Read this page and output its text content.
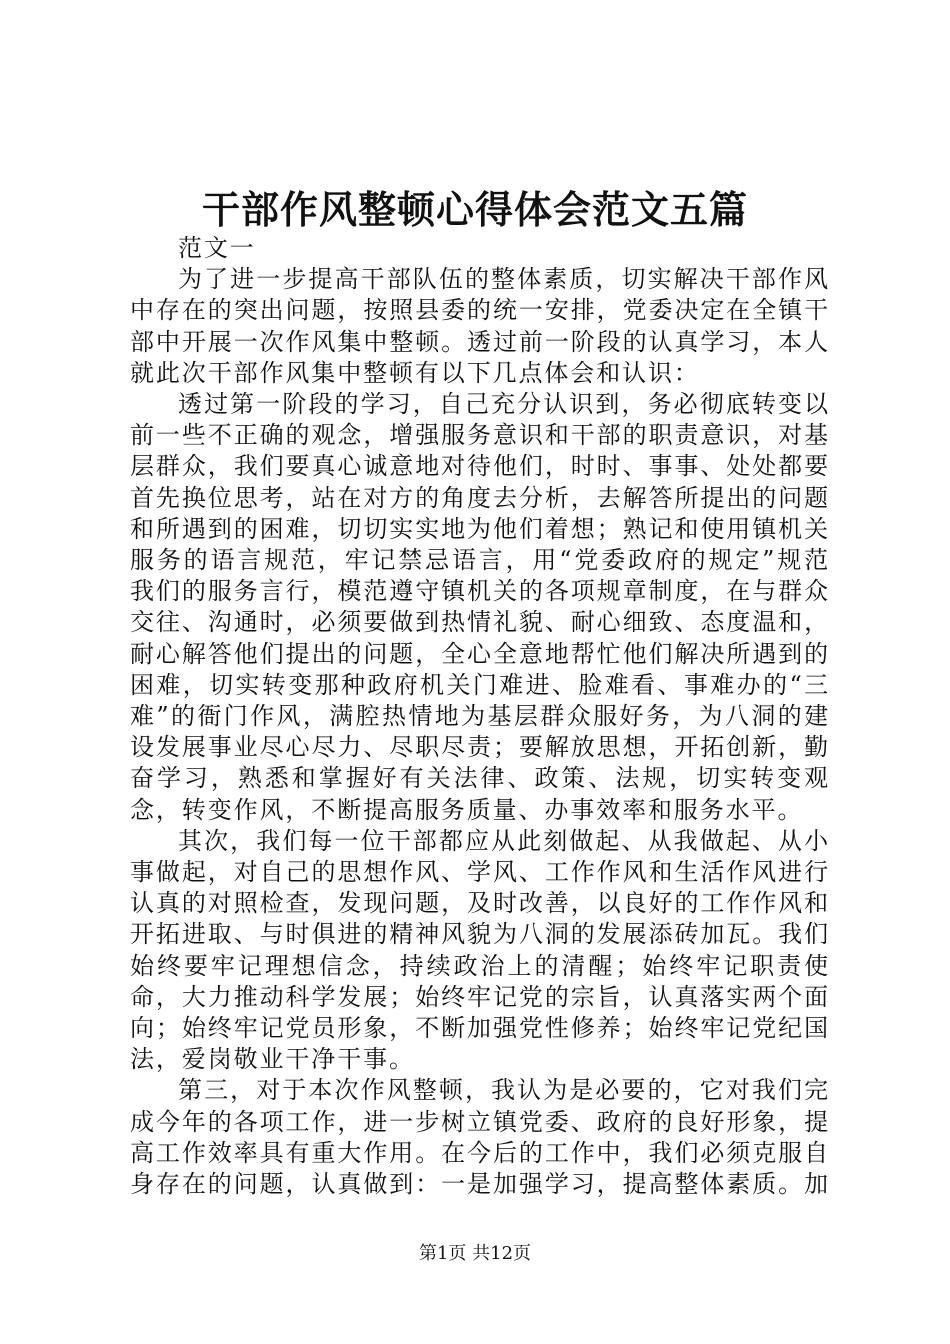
干部作风整顿心得体会范文五篇

范文一

为了进一步提高干部队伍的整体素质，切实解决干部作风中存在的突出问题，按照县委的统一安排，党委决定在全镇干部中开展一次作风集中整顿。透过前一阶段的认真学习，本人就此次干部作风集中整顿有以下几点体会和认识：

透过第一阶段的学习，自己充分认识到，务必彻底转变以前一些不正确的观念，增强服务意识和干部的职责意识，对基层群众，我们要真心诚意地对待他们，时时、事事、处处都要首先换位思考，站在对方的角度去分析，去解答所提出的问题和所遇到的困难，切切实实地为他们着想；熟记和使用镇机关服务的语言规范，牢记禁忌语言，用“党委政府的规定”规范我们的服务言行，模范遵守镇机关的各项规章制度，在与群众交往、沟通时，必须要做到热情礼貌、耐心细致、态度温和，耐心解答他们提出的问题，全心全意地帮忙他们解决所遇到的困难，切实转变那种政府机关门难进、脸难看、事难办的“三难”的衙门作风，满腔热情地为基层群众服好务，为八洞的建设发展事业尽心尽力、尽职尽责；要解放思想，开拓创新，勤奋学习，熟悉和掌握好有关法律、政策、法规，切实转变观念，转变作风，不断提高服务质量、办事效率和服务水平。

其次，我们每一位干部都应从此刻做起、从我做起、从小事做起，对自己的思想作风、学风、工作作风和生活作风进行认真的对照检查，发现问题，及时改善，以良好的工作作风和开拓进取、与时俱进的精神风貌为八洞的发展添砖加瓦。我们始终要牢记理想信念，持续政治上的清醒；始终牢记职责使命，大力推动科学发展；始终牢记党的宗旨，认真落实两个面向；始终牢记党员形象，不断加强党性修养；始终牢记党纪国法，爱岗敬业干净干事。

第三，对于本次作风整顿，我认为是必要的，它对我们完成今年的各项工作，进一步树立镇党委、政府的良好形象，提高工作效率具有重大作用。在今后的工作中，我们必须克服自身存在的问题，认真做到：一是加强学习，提高整体素质。加

第1页 共12页
